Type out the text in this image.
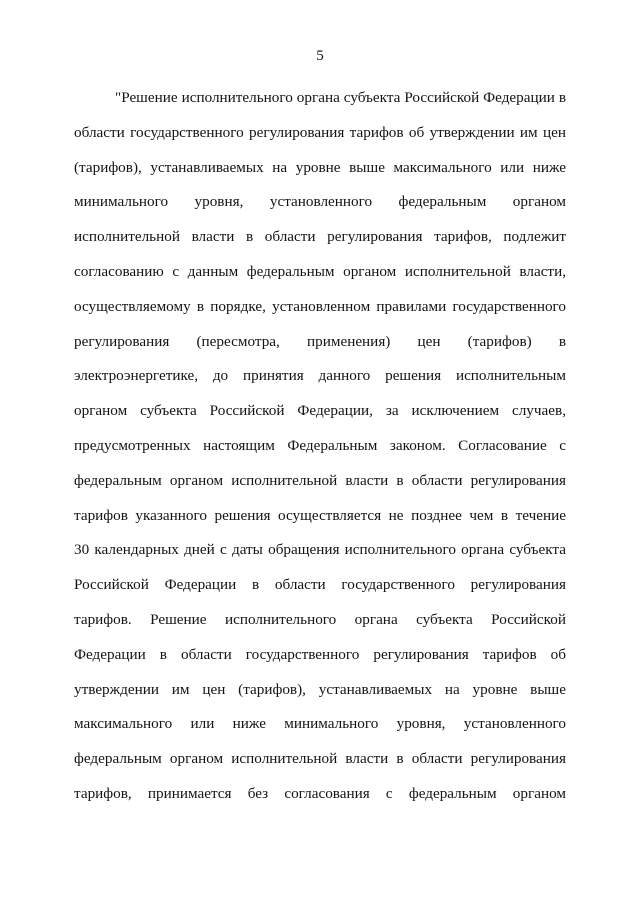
5
"Решение исполнительного органа субъекта Российской Федерации в
области государственного регулирования тарифов об утверждении им цен
(тарифов), устанавливаемых на уровне выше максимального или ниже
минимального уровня, установленного федеральным органом
исполнительной власти в области регулирования тарифов, подлежит
согласованию с данным федеральным органом исполнительной власти,
осуществляемому в порядке, установленном правилами государственного
регулирования (пересмотра, применения) цен (тарифов) в
электроэнергетике, до принятия данного решения исполнительным
органом субъекта Российской Федерации, за исключением случаев,
предусмотренных настоящим Федеральным законом. Согласование с
федеральным органом исполнительной власти в области регулирования
тарифов указанного решения осуществляется не позднее чем в течение
30 календарных дней с даты обращения исполнительного органа субъекта
Российской Федерации в области государственного регулирования
тарифов. Решение исполнительного органа субъекта Российской
Федерации в области государственного регулирования тарифов об
утверждении им цен (тарифов), устанавливаемых на уровне выше
максимального или ниже минимального уровня, установленного
федеральным органом исполнительной власти в области регулирования
тарифов, принимается без согласования с федеральным органом
